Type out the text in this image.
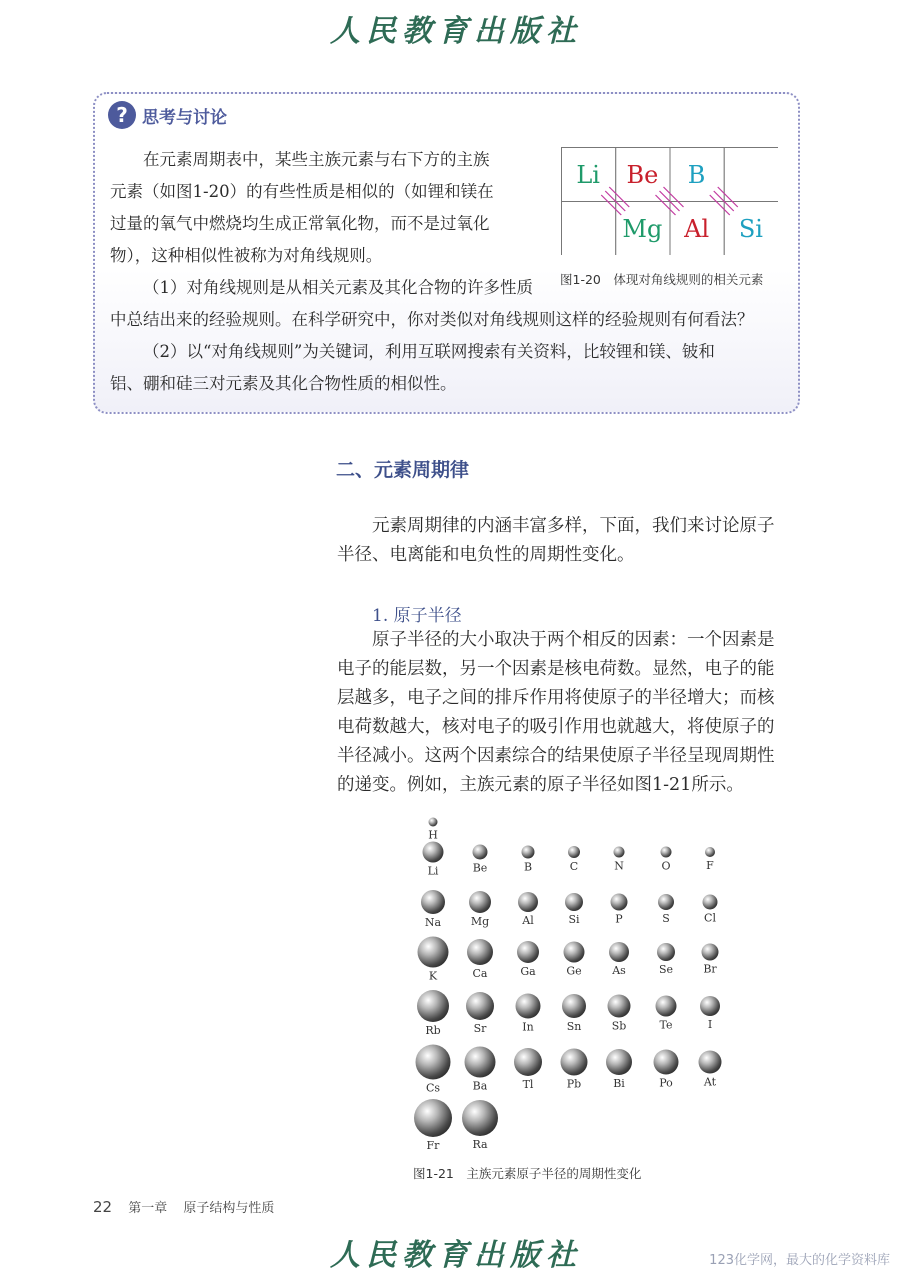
人民教育出版社
? 思考与讨论
在元素周期表中，某些主族元素与右下方的主族
元素（如图1-20）的有些性质是相似的（如锂和镁在
过量的氧气中燃烧均生成正常氧化物，而不是过氧化
物），这种相似性被称为对角线规则。
（1）对角线规则是从相关元素及其化合物的许多性质
中总结出来的经验规则。在科学研究中，你对类似对角线规则这样的经验规则有何看法？
（2）以“对角线规则”为关键词，利用互联网搜索有关资料，比较锂和镁、铍和
铝、硼和硅三对元素及其化合物性质的相似性。
Li Be B
Mg Al Si
图1-20　体现对角线规则的相关元素
二、元素周期律
元素周期律的内涵丰富多样，下面，我们来讨论原子
半径、电离能和电负性的周期性变化。
1. 原子半径
原子半径的大小取决于两个相反的因素：一个因素是
电子的能层数，另一个因素是核电荷数。显然，电子的能
层越多，电子之间的排斥作用将使原子的半径增大；而核
电荷数越大，核对电子的吸引作用也就越大，将使原子的
半径减小。这两个因素综合的结果使原子半径呈现周期性
的递变。例如，主族元素的原子半径如图1-21所示。
H
Li	Be	B	C	N	O	F
Na	Mg	Al	Si	P	S	Cl
K	Ca	Ga	Ge	As	Se	Br
Rb	Sr	In	Sn	Sb	Te	I
Cs	Ba	Tl	Pb	Bi	Po	At
Fr	Ra
图1-21　主族元素原子半径的周期性变化
22 第一章 原子结构与性质
人民教育出版社	123化学网，最大的化学资料库
